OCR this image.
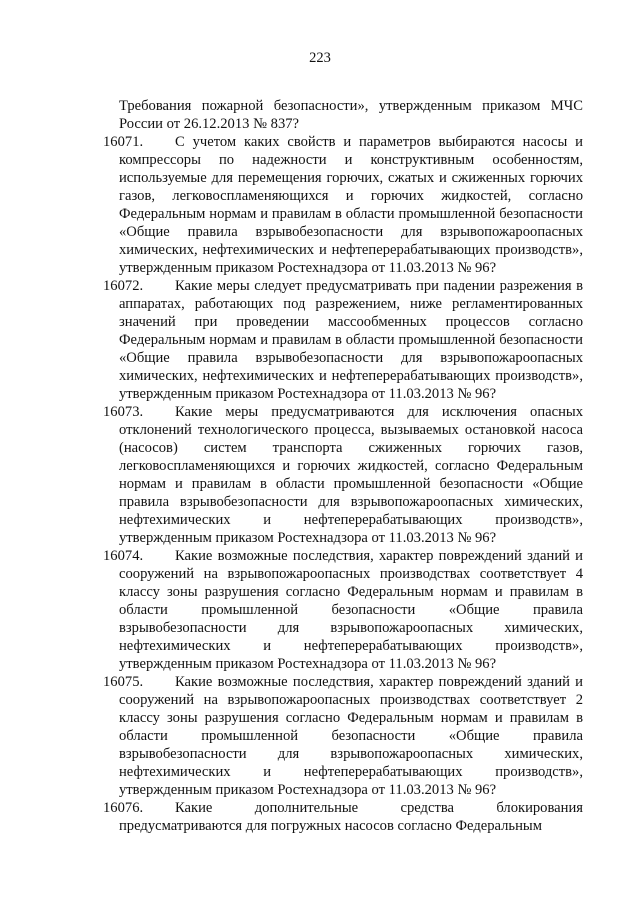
223

Требования пожарной безопасности», утвержденным приказом МЧС России от 26.12.2013 № 837?

16071.	С учетом каких свойств и параметров выбираются насосы и компрессоры по надежности и конструктивным особенностям, используемые для перемещения горючих, сжатых и сжиженных горючих газов, легковоспламеняющихся и горючих жидкостей, согласно Федеральным нормам и правилам в области промышленной безопасности «Общие правила взрывобезопасности для взрывопожароопасных химических, нефтехимических и нефтеперерабатывающих производств», утвержденным приказом Ростехнадзора от 11.03.2013 № 96?
16072.	Какие меры следует предусматривать при падении разрежения в аппаратах, работающих под разрежением, ниже регламентированных значений при проведении массообменных процессов согласно Федеральным нормам и правилам в области промышленной безопасности «Общие правила взрывобезопасности для взрывопожароопасных химических, нефтехимических и нефтеперерабатывающих производств», утвержденным приказом Ростехнадзора от 11.03.2013 № 96?
16073.	Какие меры предусматриваются для исключения опасных отклонений технологического процесса, вызываемых остановкой насоса (насосов) систем транспорта сжиженных горючих газов, легковоспламеняющихся и горючих жидкостей, согласно Федеральным нормам и правилам в области промышленной безопасности «Общие правила взрывобезопасности для взрывопожароопасных химических, нефтехимических и нефтеперерабатывающих производств», утвержденным приказом Ростехнадзора от 11.03.2013 № 96?
16074.	Какие возможные последствия, характер повреждений зданий и сооружений на взрывопожароопасных производствах соответствует 4 классу зоны разрушения согласно Федеральным нормам и правилам в области промышленной безопасности «Общие правила взрывобезопасности для взрывопожароопасных химических, нефтехимических и нефтеперерабатывающих производств», утвержденным приказом Ростехнадзора от 11.03.2013 № 96?
16075.	Какие возможные последствия, характер повреждений зданий и сооружений на взрывопожароопасных производствах соответствует 2 классу зоны разрушения согласно Федеральным нормам и правилам в области промышленной безопасности «Общие правила взрывобезопасности для взрывопожароопасных химических, нефтехимических и нефтеперерабатывающих производств», утвержденным приказом Ростехнадзора от 11.03.2013 № 96?
16076.	Какие дополнительные средства блокирования предусматриваются для погружных насосов согласно Федеральным
